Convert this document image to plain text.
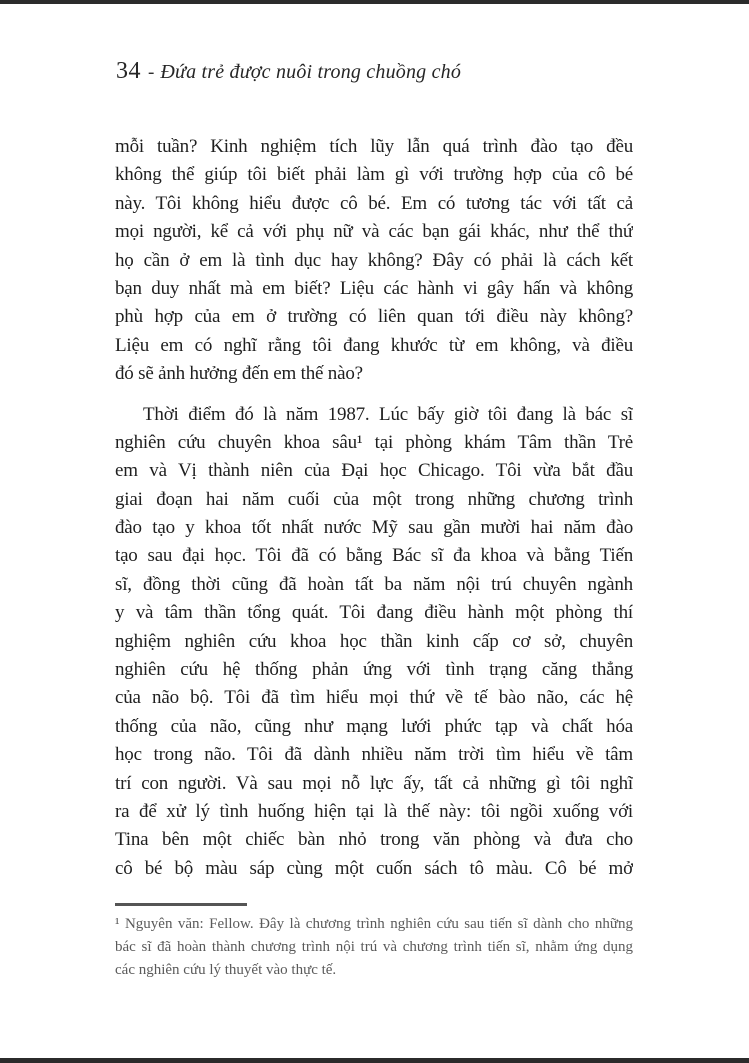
34 - Đứa trẻ được nuôi trong chuồng chó
mỗi tuần? Kinh nghiệm tích lũy lẫn quá trình đào tạo đều
không thể giúp tôi biết phải làm gì với trường hợp của cô bé
này. Tôi không hiểu được cô bé. Em có tương tác với tất cả
mọi người, kể cả với phụ nữ và các bạn gái khác, như thể thứ
họ cần ở em là tình dục hay không? Đây có phải là cách kết
bạn duy nhất mà em biết? Liệu các hành vi gây hấn và không
phù hợp của em ở trường có liên quan tới điều này không?
Liệu em có nghĩ rằng tôi đang khước từ em không, và điều
đó sẽ ảnh hưởng đến em thế nào?
Thời điểm đó là năm 1987. Lúc bấy giờ tôi đang là bác sĩ
nghiên cứu chuyên khoa sâu¹ tại phòng khám Tâm thần Trẻ
em và Vị thành niên của Đại học Chicago. Tôi vừa bắt đầu
giai đoạn hai năm cuối của một trong những chương trình
đào tạo y khoa tốt nhất nước Mỹ sau gần mười hai năm đào
tạo sau đại học. Tôi đã có bằng Bác sĩ đa khoa và bằng Tiến
sĩ, đồng thời cũng đã hoàn tất ba năm nội trú chuyên ngành
y và tâm thần tổng quát. Tôi đang điều hành một phòng thí
nghiệm nghiên cứu khoa học thần kinh cấp cơ sở, chuyên
nghiên cứu hệ thống phản ứng với tình trạng căng thẳng
của não bộ. Tôi đã tìm hiểu mọi thứ về tế bào não, các hệ
thống của não, cũng như mạng lưới phức tạp và chất hóa
học trong não. Tôi đã dành nhiều năm trời tìm hiểu về tâm
trí con người. Và sau mọi nỗ lực ấy, tất cả những gì tôi nghĩ
ra để xử lý tình huống hiện tại là thế này: tôi ngồi xuống với
Tina bên một chiếc bàn nhỏ trong văn phòng và đưa cho
cô bé bộ màu sáp cùng một cuốn sách tô màu. Cô bé mở
¹ Nguyên văn: Fellow. Đây là chương trình nghiên cứu sau tiến sĩ dành cho những
bác sĩ đã hoàn thành chương trình nội trú và chương trình tiến sĩ, nhằm ứng dụng
các nghiên cứu lý thuyết vào thực tế.
